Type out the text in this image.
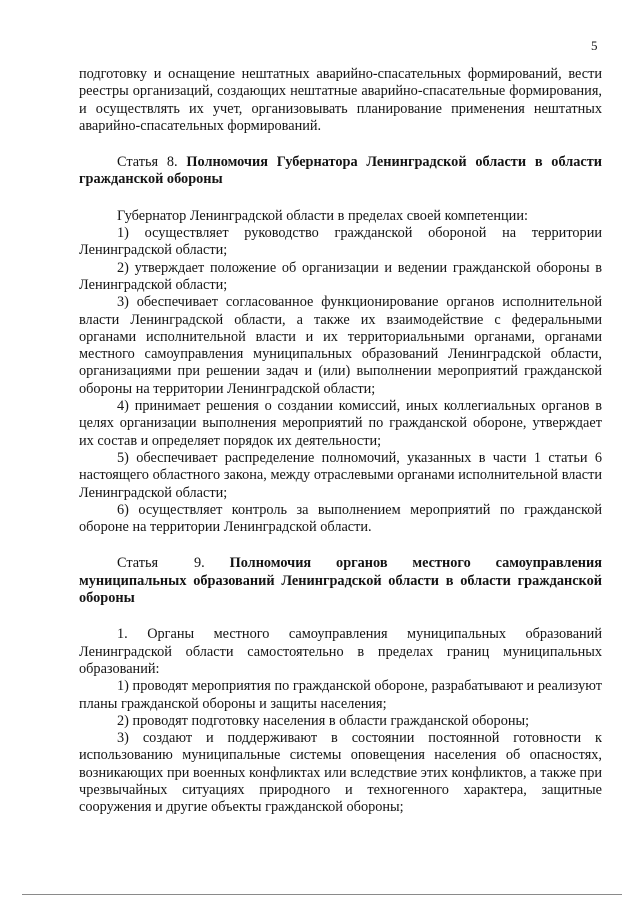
5

подготовку и оснащение нештатных аварийно-спасательных формирований, вести реестры организаций, создающих нештатные аварийно-спасательные формирования, и осуществлять их учет, организовывать планирование применения нештатных аварийно-спасательных формирований.

Статья 8. Полномочия Губернатора Ленинградской области в области гражданской обороны

Губернатор Ленинградской области в пределах своей компетенции:

1) осуществляет руководство гражданской обороной на территории Ленинградской области;

2) утверждает положение об организации и ведении гражданской обороны в Ленинградской области;

3) обеспечивает согласованное функционирование органов исполнительной власти Ленинградской области, а также их взаимодействие с федеральными органами исполнительной власти и их территориальными органами, органами местного самоуправления муниципальных образований Ленинградской области, организациями при решении задач и (или) выполнении мероприятий гражданской обороны на территории Ленинградской области;

4) принимает решения о создании комиссий, иных коллегиальных органов в целях организации выполнения мероприятий по гражданской обороне, утверждает их состав и определяет порядок их деятельности;

5) обеспечивает распределение полномочий, указанных в части 1 статьи 6 настоящего областного закона, между отраслевыми органами исполнительной власти Ленинградской области;

6) осуществляет контроль за выполнением мероприятий по гражданской обороне на территории Ленинградской области.

Статья 9. Полномочия органов местного самоуправления муниципальных образований Ленинградской области в области гражданской обороны

1. Органы местного самоуправления муниципальных образований Ленинградской области самостоятельно в пределах границ муниципальных образований:

1) проводят мероприятия по гражданской обороне, разрабатывают и реализуют планы гражданской обороны и защиты населения;

2) проводят подготовку населения в области гражданской обороны;

3) создают и поддерживают в состоянии постоянной готовности к использованию муниципальные системы оповещения населения об опасностях, возникающих при военных конфликтах или вследствие этих конфликтов, а также при чрезвычайных ситуациях природного и техногенного характера, защитные сооружения и другие объекты гражданской обороны;
